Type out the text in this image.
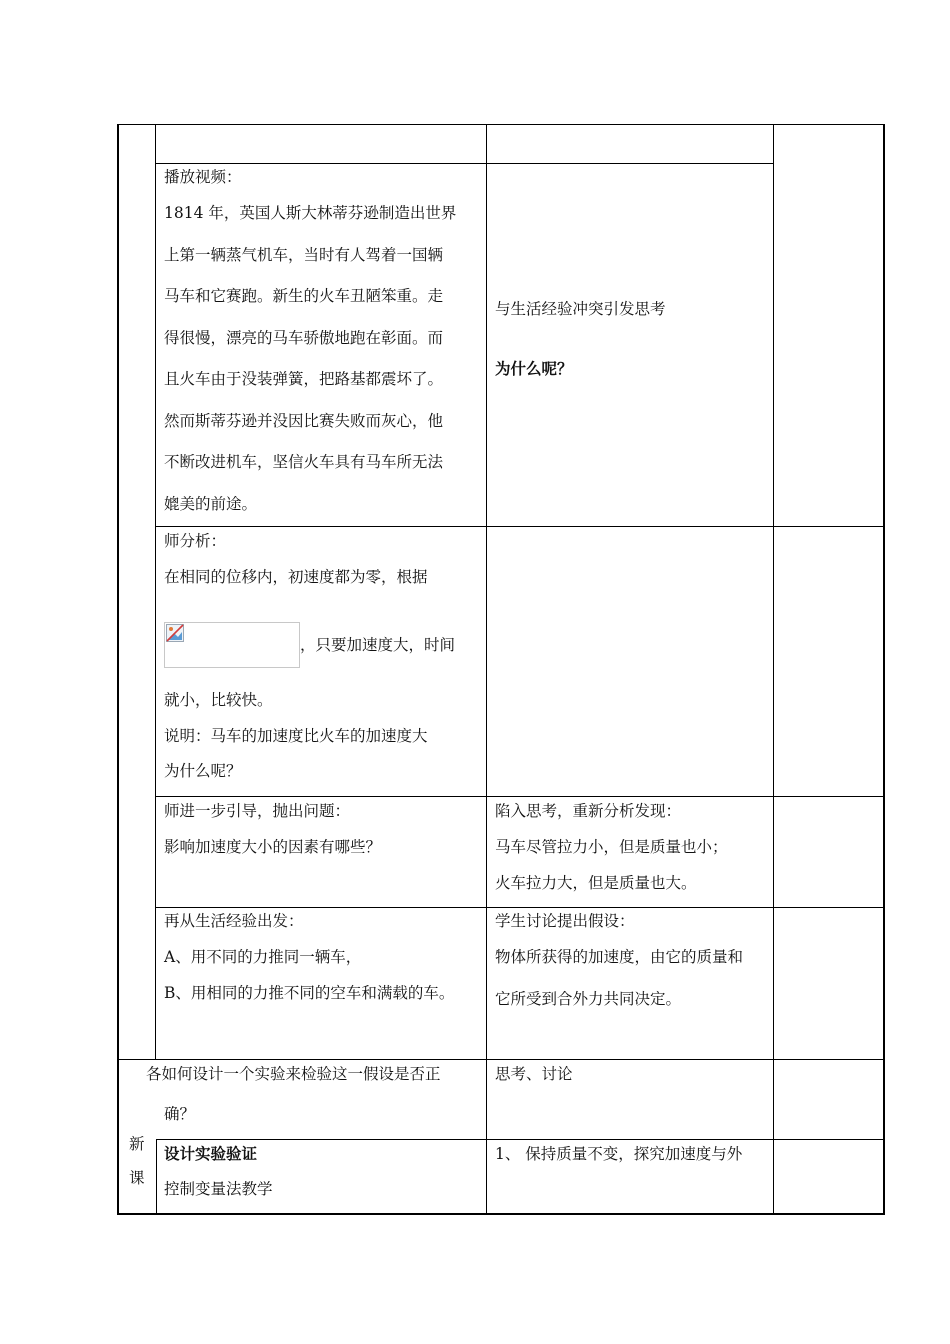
播放视频：
1814 年，英国人斯大林蒂芬逊制造出世界
上第一辆蒸气机车，当时有人驾着一国辆
马车和它赛跑。新生的火车丑陋笨重。走
得很慢，漂亮的马车骄傲地跑在彰面。而
且火车由于没装弹簧，把路基都震坏了。
然而斯蒂芬逊并没因比赛失败而灰心，他
不断改进机车，坚信火车具有马车所无法
媲美的前途。
与生活经验冲突引发思考
为什么呢？
师分析：
在相同的位移内，初速度都为零，根据
，只要加速度大，时间
就小，比较快。
说明：马车的加速度比火车的加速度大
为什么呢？
师进一步引导，抛出问题：
影响加速度大小的因素有哪些？
陷入思考，重新分析发现：
马车尽管拉力小，但是质量也小；
火车拉力大，但是质量也大。
再从生活经验出发：
A、用不同的力推同一辆车，
B、用相同的力推不同的空车和满载的车。
学生讨论提出假设：
物体所获得的加速度，由它的质量和
它所受到合外力共同决定。
各如何设计一个实验来检验这一假设是否正
确？
思考、讨论
新
课
设计实验验证
控制变量法教学
1、 保持质量不变，探究加速度与外
